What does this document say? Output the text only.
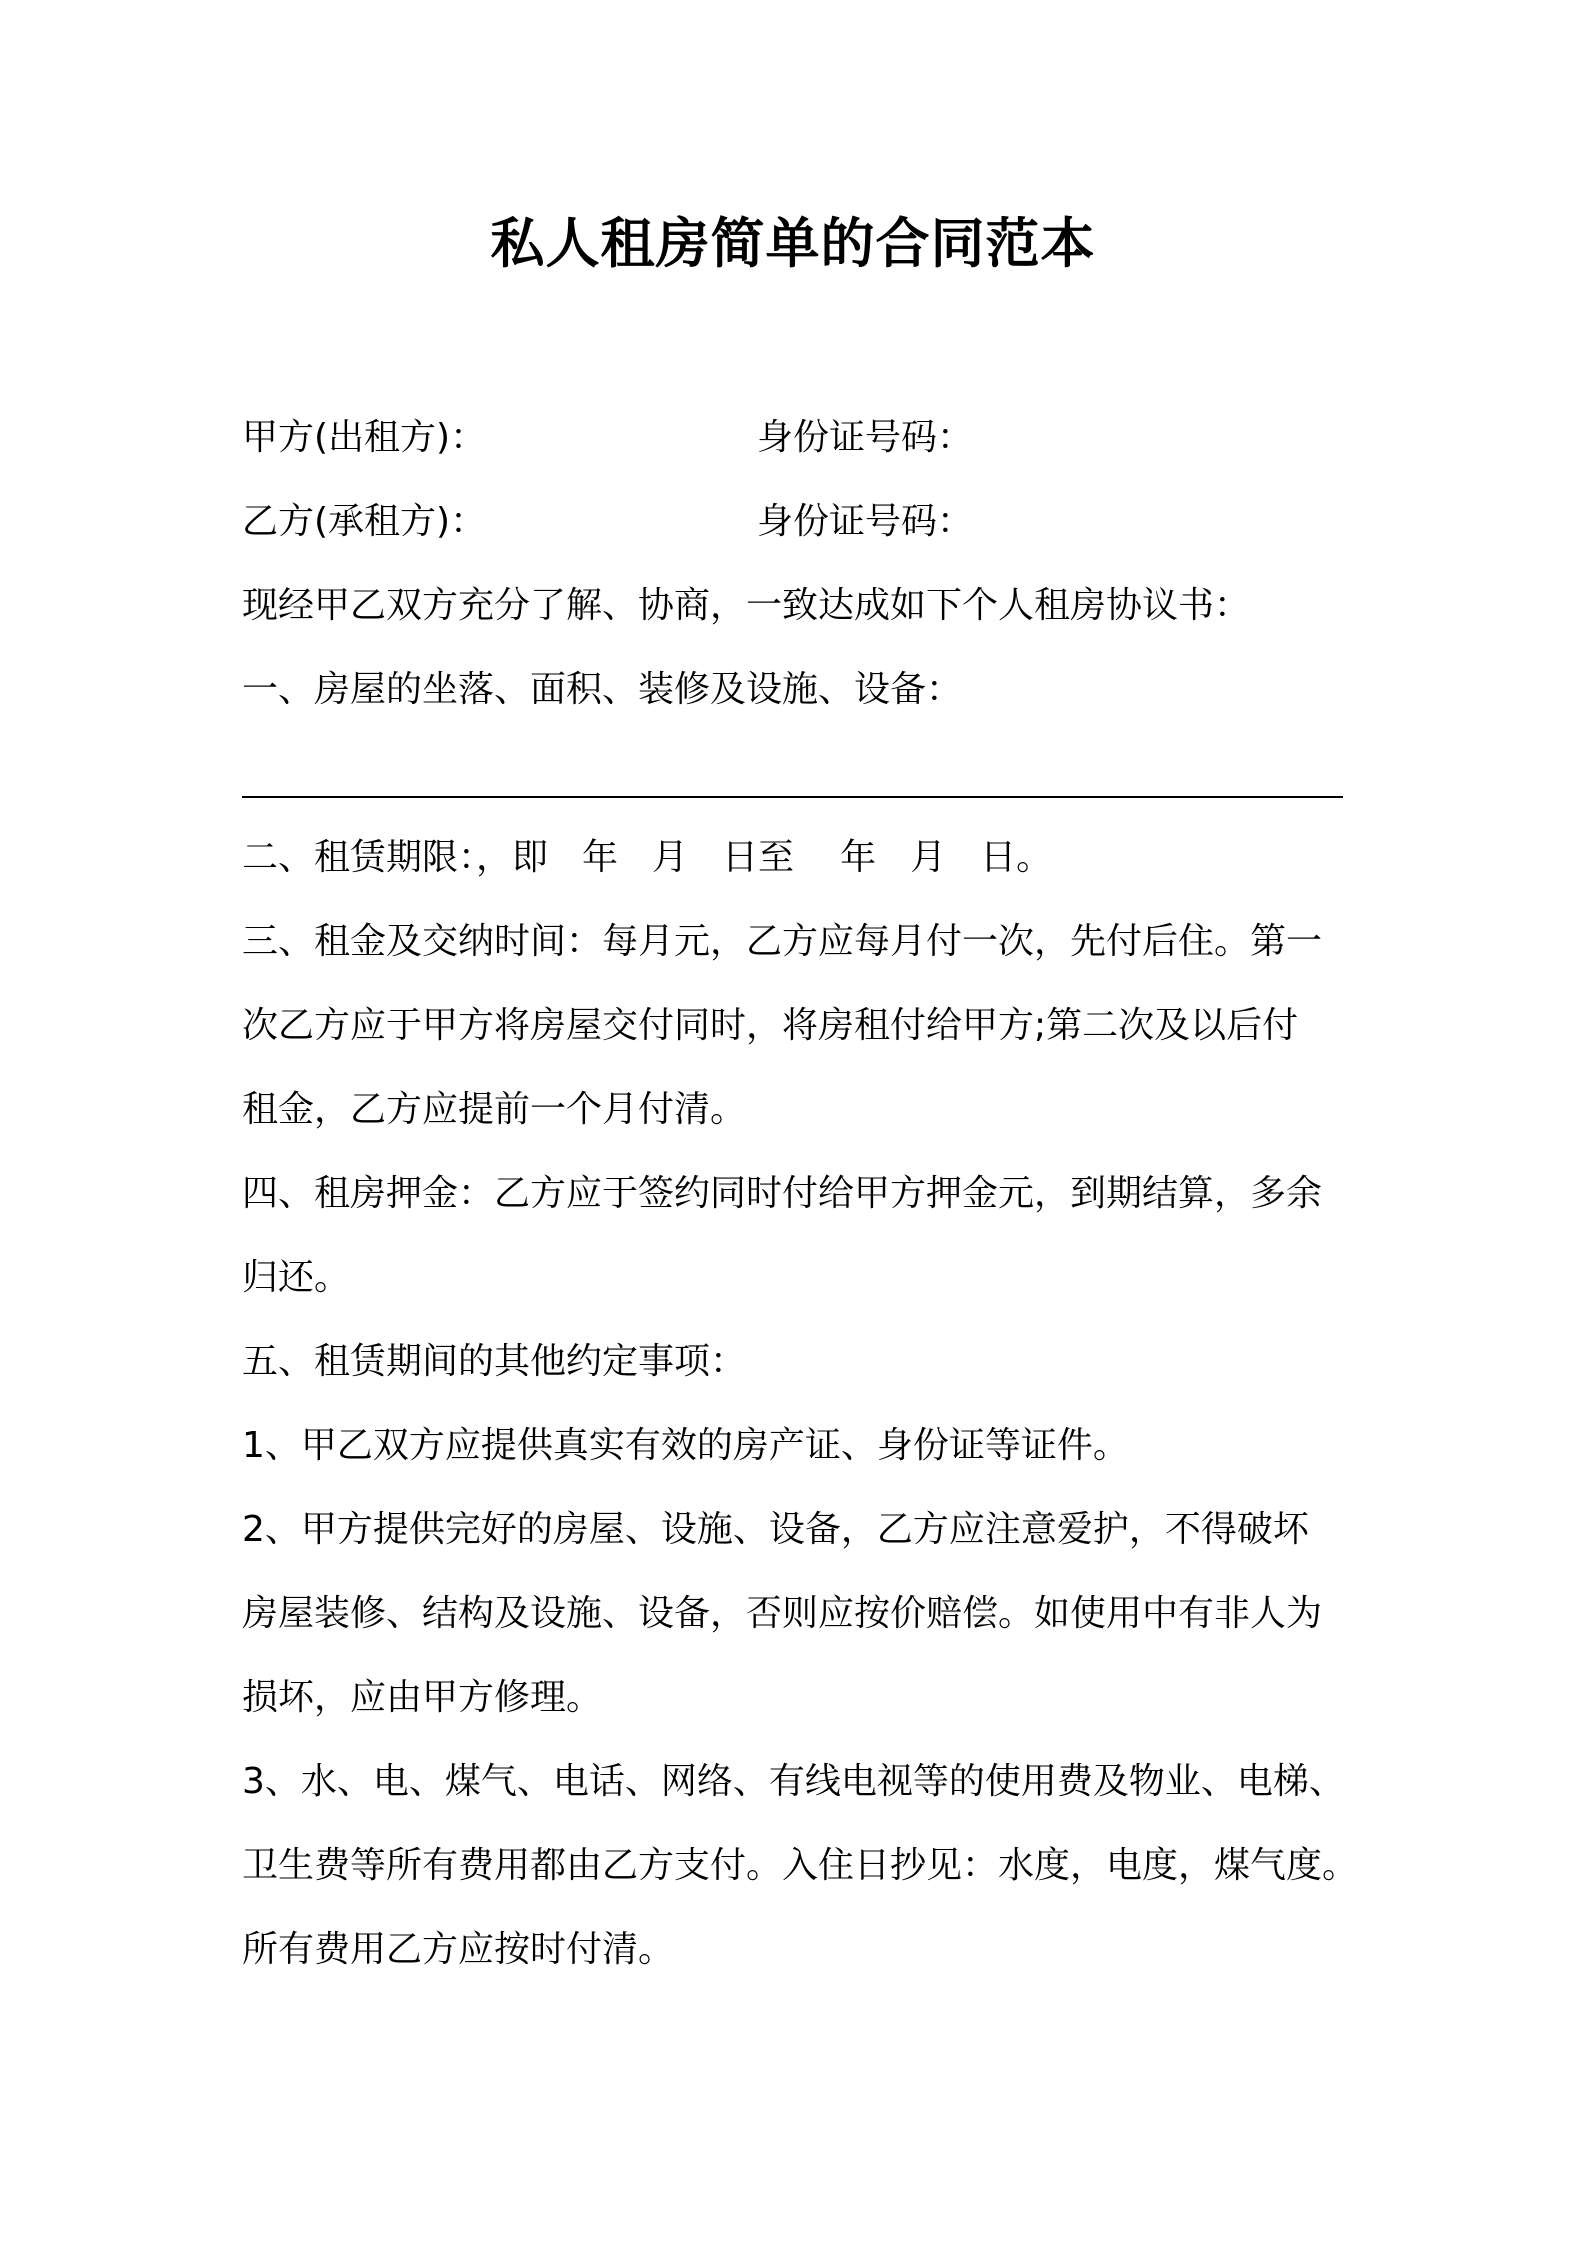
私人租房简单的合同范本
甲方(出租方)：	身份证号码：
乙方(承租方)：	身份证号码：
现经甲乙双方充分了解、协商，一致达成如下个人租房协议书：
一、房屋的坐落、面积、装修及设施、设备：
二、租赁期限：，即 年 月 日至 年 月 日。
三、租金及交纳时间：每月元，乙方应每月付一次，先付后住。第一
次乙方应于甲方将房屋交付同时，将房租付给甲方;第二次及以后付
租金，乙方应提前一个月付清。
四、租房押金：乙方应于签约同时付给甲方押金元，到期结算，多余
归还。
五、租赁期间的其他约定事项：
1、甲乙双方应提供真实有效的房产证、身份证等证件。
2、甲方提供完好的房屋、设施、设备，乙方应注意爱护，不得破坏
房屋装修、结构及设施、设备，否则应按价赔偿。如使用中有非人为
损坏，应由甲方修理。
3、水、电、煤气、电话、网络、有线电视等的使用费及物业、电梯、
卫生费等所有费用都由乙方支付。入住日抄见：水度，电度，煤气度。
所有费用乙方应按时付清。
